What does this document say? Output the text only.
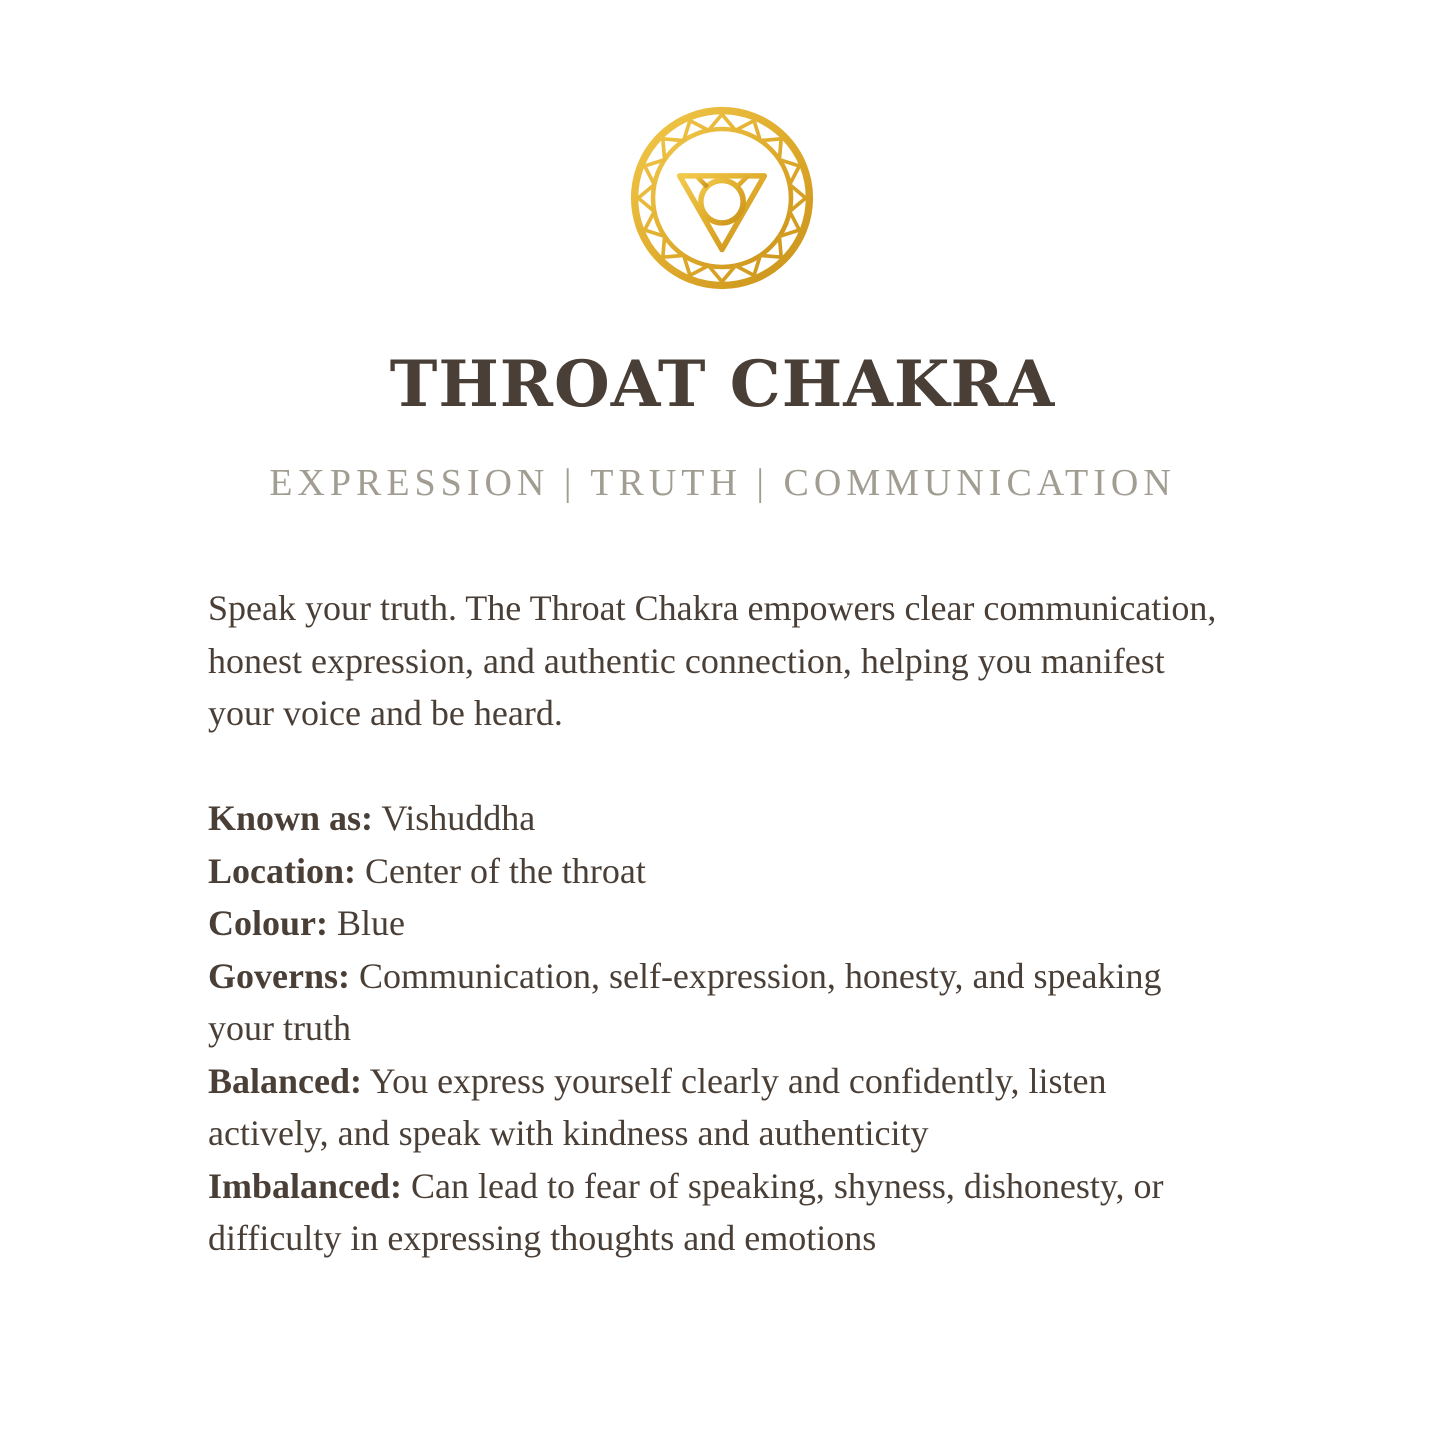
THROAT CHAKRA
EXPRESSION | TRUTH | COMMUNICATION
Speak your truth. The Throat Chakra empowers clear communication, honest expression, and authentic connection, helping you manifest your voice and be heard.

Known as: Vishuddha

Location: Center of the throat

Colour: Blue

Governs: Communication, self-expression, honesty, and speaking your truth

Balanced: You express yourself clearly and confidently, listen actively, and speak with kindness and authenticity

Imbalanced: Can lead to fear of speaking, shyness, dishonesty, or difficulty in expressing thoughts and emotions
